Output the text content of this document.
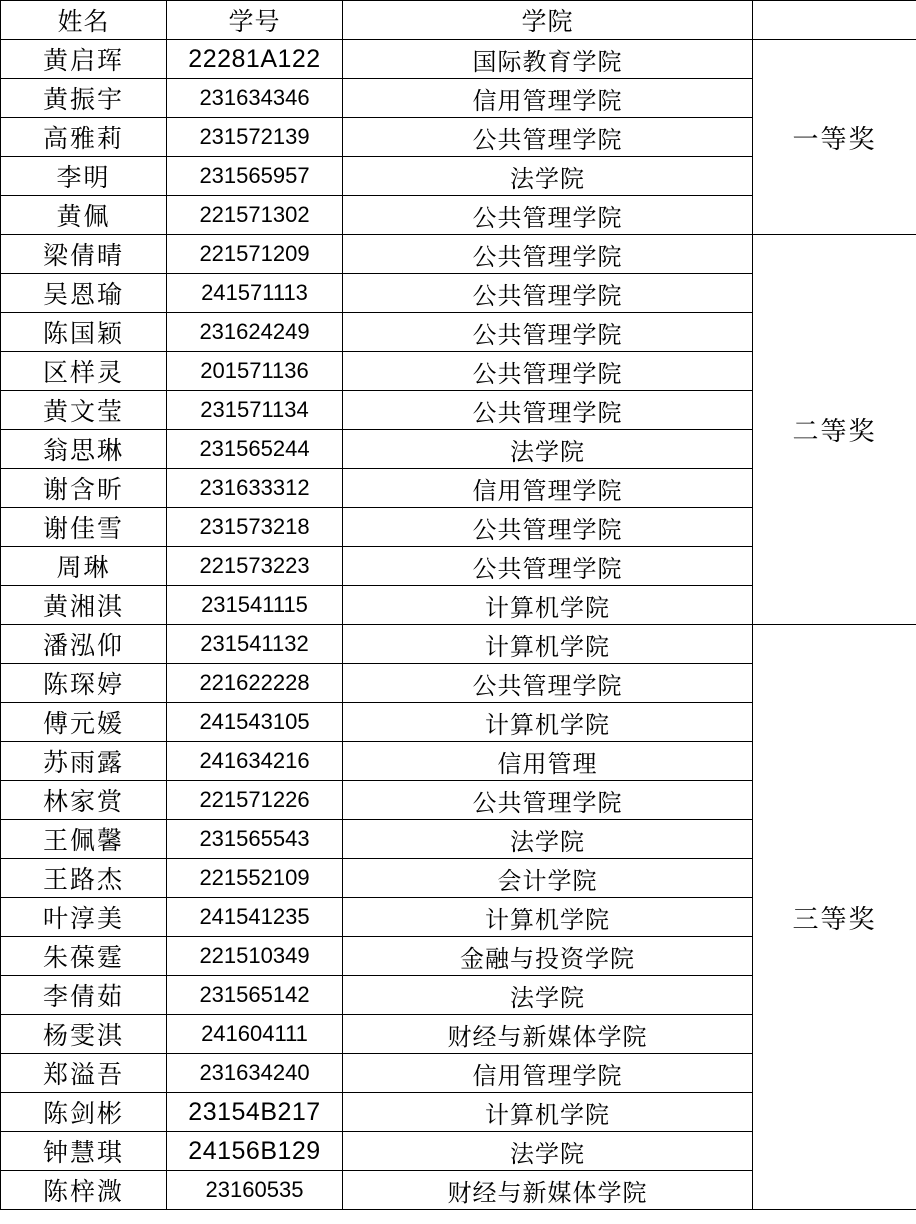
姓名	学号	学院	
黄启珲	22281A122	国际教育学院	一等奖
黄振宇	231634346	信用管理学院	
高雅莉	231572139	公共管理学院	
李明	231565957	法学院	
黄佩	221571302	公共管理学院	
梁倩晴	221571209	公共管理学院	二等奖
吴恩瑜	241571113	公共管理学院	
陈国颖	231624249	公共管理学院	
区样灵	201571136	公共管理学院	
黄文莹	231571134	公共管理学院	
翁思琳	231565244	法学院	
谢含昕	231633312	信用管理学院	
谢佳雪	231573218	公共管理学院	
周琳	221573223	公共管理学院	
黄湘淇	231541115	计算机学院	
潘泓仰	231541132	计算机学院	三等奖
陈琛婷	221622228	公共管理学院	
傅元媛	241543105	计算机学院	
苏雨露	241634216	信用管理	
林家赏	221571226	公共管理学院	
王佩馨	231565543	法学院	
王路杰	221552109	会计学院	
叶淳美	241541235	计算机学院	
朱葆霆	221510349	金融与投资学院	
李倩茹	231565142	法学院	
杨雯淇	241604111	财经与新媒体学院	
郑溢吾	231634240	信用管理学院	
陈剑彬	23154B217	计算机学院	
钟慧琪	24156B129	法学院	
陈梓溦	23160535	财经与新媒体学院	
